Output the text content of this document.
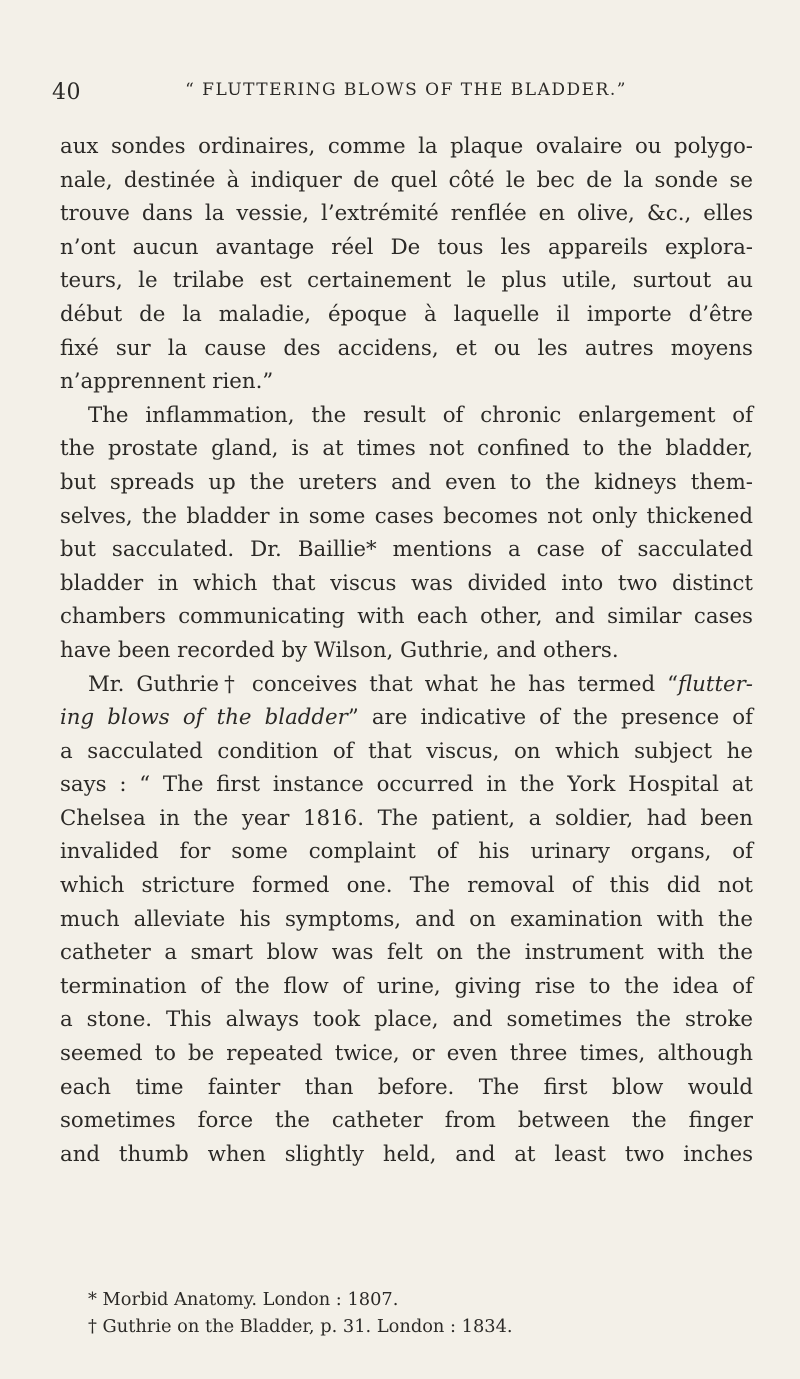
40	“ FLUTTERING BLOWS OF THE BLADDER.”
aux sondes ordinaires, comme la plaque ovalaire ou polygo-
nale, destinée à indiquer de quel côté le bec de la sonde se
trouve dans la vessie, l’extrémité renflée en olive, &c., elles
n’ont aucun avantage réel De tous les appareils explora-
teurs, le trilabe est certainement le plus utile, surtout au
début de la maladie, époque à laquelle il importe d’être
fixé sur la cause des accidens, et ou les autres moyens
n’apprennent rien.”
The inflammation, the result of chronic enlargement of
the prostate gland, is at times not confined to the bladder,
but spreads up the ureters and even to the kidneys them-
selves, the bladder in some cases becomes not only thickened
but sacculated. Dr. Baillie* mentions a case of sacculated
bladder in which that viscus was divided into two distinct
chambers communicating with each other, and similar cases
have been recorded by Wilson, Guthrie, and others.
Mr. Guthrie† conceives that what he has termed “flutter-
ing blows of the bladder” are indicative of the presence of
a sacculated condition of that viscus, on which subject he
says : “ The first instance occurred in the York Hospital at
Chelsea in the year 1816. The patient, a soldier, had been
invalided for some complaint of his urinary organs, of
which stricture formed one. The removal of this did not
much alleviate his symptoms, and on examination with the
catheter a smart blow was felt on the instrument with the
termination of the flow of urine, giving rise to the idea of
a stone. This always took place, and sometimes the stroke
seemed to be repeated twice, or even three times, although
each time fainter than before. The first blow would
sometimes force the catheter from between the finger
and thumb when slightly held, and at least two inches
* Morbid Anatomy. London : 1807.
† Guthrie on the Bladder, p. 31. London : 1834.
